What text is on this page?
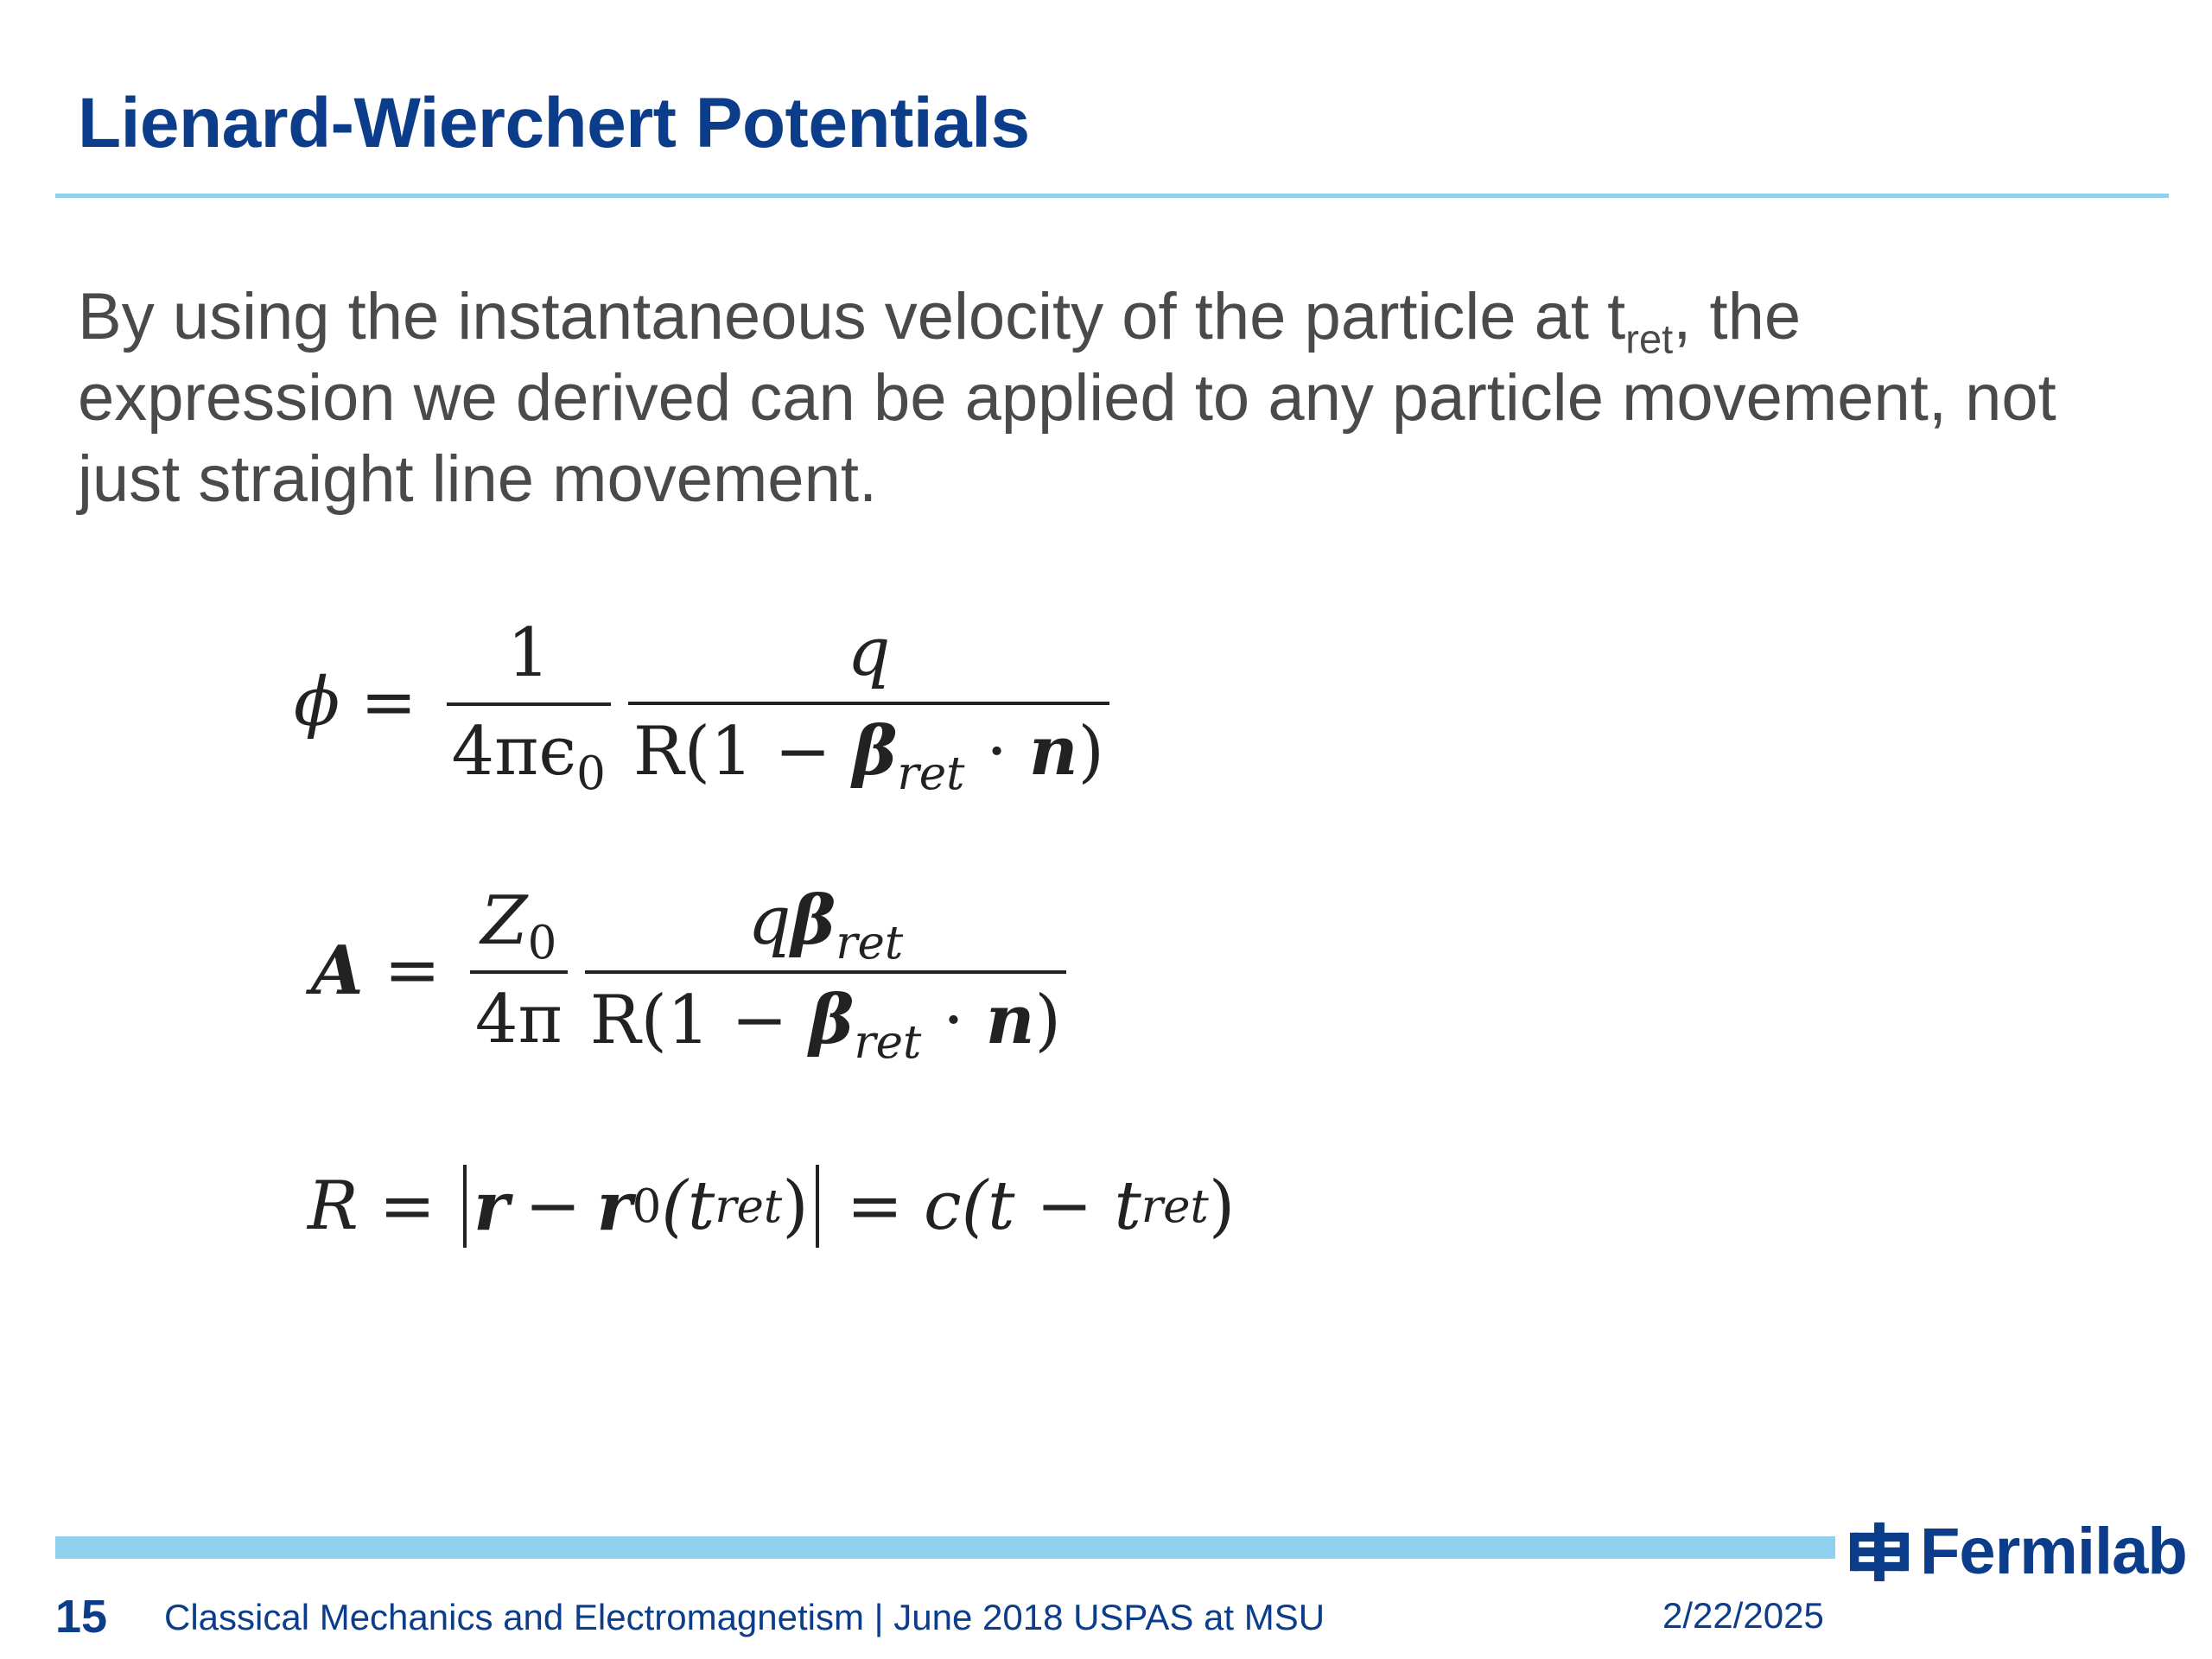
Lienard-Wierchert Potentials
By using the instantaneous velocity of the particle at $t_{ret}$, the expression we derived can be applied to any particle movement, not just straight line movement.
$\phi = \frac{1}{4\pi\epsilon_0} \frac{q}{R(1 - \beta_{ret} \cdot n)}$
$A = \frac{Z_0}{4\pi} \frac{q\beta_{ret}}{R(1 - \beta_{ret} \cdot n)}$
R = r − r 0 (t ret ) = c(t − t ret )
Fermilab
15 Classical Mechanics and Electromagnetism | June 2018 USPAS at MSU	2/22/2025
